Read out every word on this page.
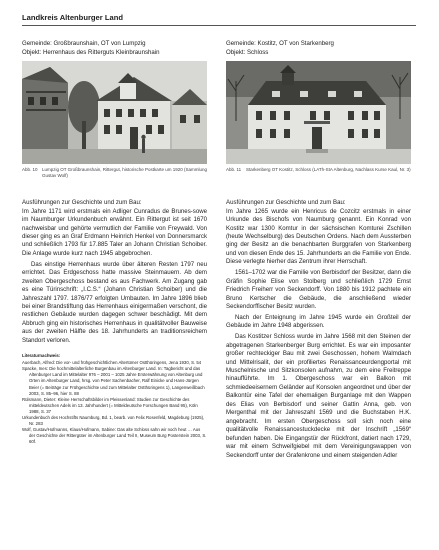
Landkreis Altenburger Land
Gemeinde: Großbraunshain, OT von Lumpzig
Objekt: Herrenhaus des Ritterguts Kleinbraunshain
Abb. 10 Lumpzig OT Großbraunshain, Rittergut, historische Postkarte um 1920 (Sammlung Gustav Wolf)

Ausführungen zur Geschichte und zum Bau:

Im Jahre 1171 wird erstmals ein Adliger Cunradus de Brunes-sowe im Naumburger Urkundenbuch erwähnt. Ein Rittergut ist seit 1670 nachweisbar und gehörte vermutlich der Familie von Freywald. Von dieser ging es an Graf Erdmann Heinrich Henkel von Donnersmarck und schließlich 1793 für 17.885 Taler an Johann Christian Schoiber. Die Anlage wurde kurz nach 1945 abgebrochen.

Das einstige Herrenhaus wurde über älteren Resten 1797 neu errichtet. Das Erdgeschoss hatte massive Steinmauern. Ab dem zweiten Obergeschoss bestand es aus Fachwerk. Am Zugang gab es eine Türinschrift: „I.C.S.“ (Johann Christian Schoiber) und die Jahreszahl 1797. 1876/77 erfolgten Umbauten. Im Jahre 1896 blieb bei einer Brandstiftung das Herrenhaus einigermaßen verschont, die restlichen Gebäude wurden dagegen schwer beschädigt. Mit dem Abbruch ging ein historisches Herrenhaus in qualitätvoller Bauweise aus der zweiten Hälfte des 18. Jahrhunderts an traditionsreichem Standort verloren.

Literaturnachweis:
Auerbach, Alfred: Die vor- und frühgeschichtlichen Altertümer Ostthüringens, Jena 1930, S. 54
Spacke, Ines: Die hochmittelalterliche Burgenbau im Altenburger Land. In: Tagbericht und das Altenburger Land im Mittelalter 976 – 2001 – 1025 Jahre Ersterwähnung von Altenburg und Orten im Altenburger Land, hrsg. von Peter Sachenbacher, Ralf Einicke und Hans-Jürgen Beier (= Beiträge zur Frühgeschichte und zum Mittelalter Ostthüringens 1), Langenweißbach 2003, S. 85–96, hier S. 88
Rülsmann, Dieter: Kleine Herrschaftsbilder im Pleissenland: Studien zur Geschichte des mitteldeutschen Adels im 13. Jahrhundert (= Mitteldeutsche Forschungen Band 95), Köln 1988, S. 37
Urkundenbuch des Hochstifts Naumburg, Bd. 1, bearb. von Felix Rosenfeld, Magdeburg (1925), Nr. 283
Wolf, Gustav/Hofmanns, Klaus/Hofmann, Sabine: Das alte Schloss sahn wir noch heut … Aus der Geschichte der Rittergüter im Altenburger Land Teil II, Museum Burg Posterstein 2003, S. 60f.
Gemeinde: Kostitz, OT von Starkenberg
Objekt: Schloss
Abb. 11	Starkenberg OT Kostitz, Schloss (LATh-StA Altenburg, Nachlass Kurse Kaul, Nr. 3)

Ausführungen zur Geschichte und zum Bau:

Im Jahre 1265 wurde ein Henricus de Cozcitz erstmals in einer Urkunde des Bischofs von Naumburg genannt. Ein Konrad von Kostitz war 1300 Komtur in der sächsischen Komturei Zschillen (heute Wechselburg) des Deutschen Ordens. Nach dem Aussterben ging der Besitz an die benachbarten Burggrafen von Starkenberg und von diesen Ende des 15. Jahrhunderts an die Familie von Ende. Diese verlegte hierher das Zentrum ihrer Herrschaft.

1561–1702 war die Familie von Berbisdorf der Besitzer, dann die Gräfin Sophie Elise von Stolberg und schließlich 1729 Ernst Friedrich Freiherr von Seckendorff. Von 1880 bis 1912 pachtete ein Bruno Kertscher die Gebäude, die anschließend wieder Seckendorffischer Besitz wurden.

Nach der Enteignung im Jahre 1945 wurde ein Großteil der Gebäude im Jahre 1948 abgerissen.

Das Kostitzer Schloss wurde im Jahre 1568 mit den Steinen der abgetragenen Starkenberger Burg errichtet. Es war ein imposanter großer rechteckiger Bau mit zwei Geschossen, hohem Walmdach und Mittelrisalit, der ein profiliertes Renaissanceurdengportal mit Muschelnische und Sitzkonsolen aufnahm, zu dem eine Freitreppe hinaufführte. Im 1. Obergeschoss war ein Balkon mit schmiedeeisernem Geländer auf Konsolen angeordnet und über der Balkontür eine Tafel der ehemaligen Burganlage mit den Wappen des Elias von Berbisdorf und seiner Gattin Anna, geb. von Mergenthal mit der Jahreszahl 1569 und die Buchstaben H.K. angebracht. Im ersten Obergeschoss soll sich noch eine qualitätvolle Renaissancestuckdecke mit der Inschrift „1569“ befunden haben. Die Eingangstür der Rückfront, datiert nach 1729, war mit einem Schweifgiebel mit dem Vereinigungswappen von Seckendorff unter der Grafenkrone und einem steigenden Adler
